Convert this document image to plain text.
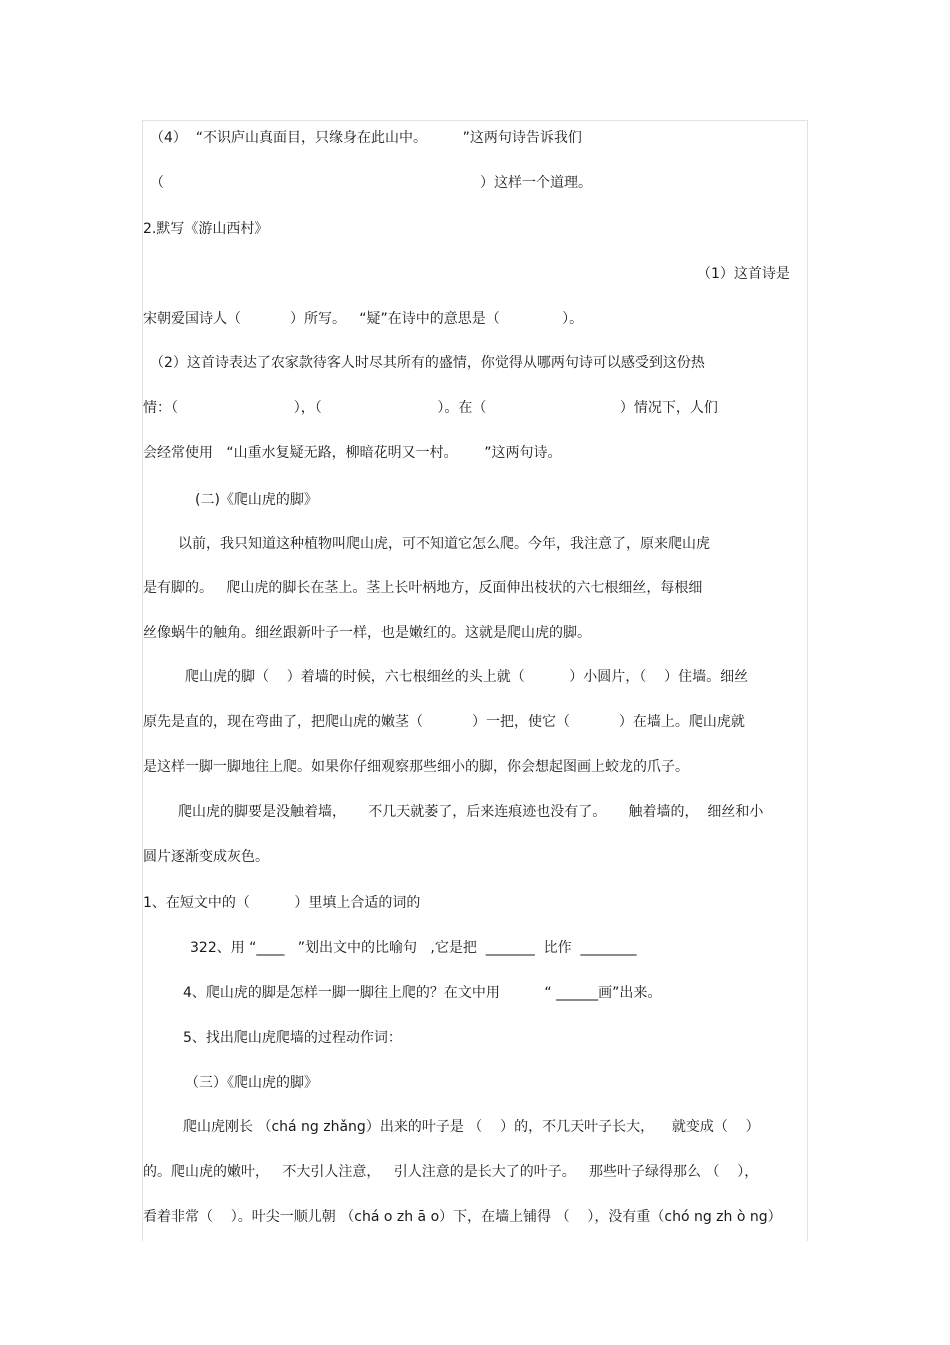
（4）  “不识庐山真面目，只缘身在此山中。        ”这两句诗告诉我们
（                                                                       ）这样一个道理。
2.默写《游山西村》
（1）这首诗是
宋朝爱国诗人（           ）所写。   “疑”在诗中的意思是（              ）。
（2）这首诗表达了农家款待客人时尽其所有的盛情，你觉得从哪两句诗可以感受到这份热
情：（                          ），（                          ）。在（                              ）情况下，人们
会经常使用   “山重水复疑无路，柳暗花明又一村。      ”这两句诗。
(二)《爬山虎的脚》
以前，我只知道这种植物叫爬山虎，可不知道它怎么爬。今年，我注意了，原来爬山虎
是有脚的。   爬山虎的脚长在茎上。茎上长叶柄地方，反面伸出枝状的六七根细丝，每根细
丝像蜗牛的触角。细丝跟新叶子一样，也是嫩红的。这就是爬山虎的脚。
爬山虎的脚（    ）着墙的时候，六七根细丝的头上就（          ）小圆片，（    ）住墙。细丝
原先是直的，现在弯曲了，把爬山虎的嫩茎（           ）一把，使它（           ）在墙上。爬山虎就
是这样一脚一脚地往上爬。如果你仔细观察那些细小的脚，你会想起图画上蛟龙的爪子。
爬山虎的脚要是没触着墙，     不几天就萎了，后来连痕迹也没有了。     触着墙的，  细丝和小
圆片逐渐变成灰色。
1、在短文中的（          ）里填上合适的词的
322、用 “____   ”划出文中的比喻句   ,它是把  _______  比作  ________
4、爬山虎的脚是怎样一脚一脚往上爬的？在文中用          “ ______画”出来。
5、找出爬山虎爬墙的过程动作词：
（三）《爬山虎的脚》
爬山虎刚长 （chá ng zhǎng）出来的叶子是 （    ）的，不几天叶子长大，    就变成（    ）
的。爬山虎的嫩叶，   不大引人注意，   引人注意的是长大了的叶子。   那些叶子绿得那么 （    ），
看着非常（    ）。叶尖一顺儿朝 （chá o zh ā o）下，在墙上铺得 （    ），没有重（chó ng zh ò ng）
